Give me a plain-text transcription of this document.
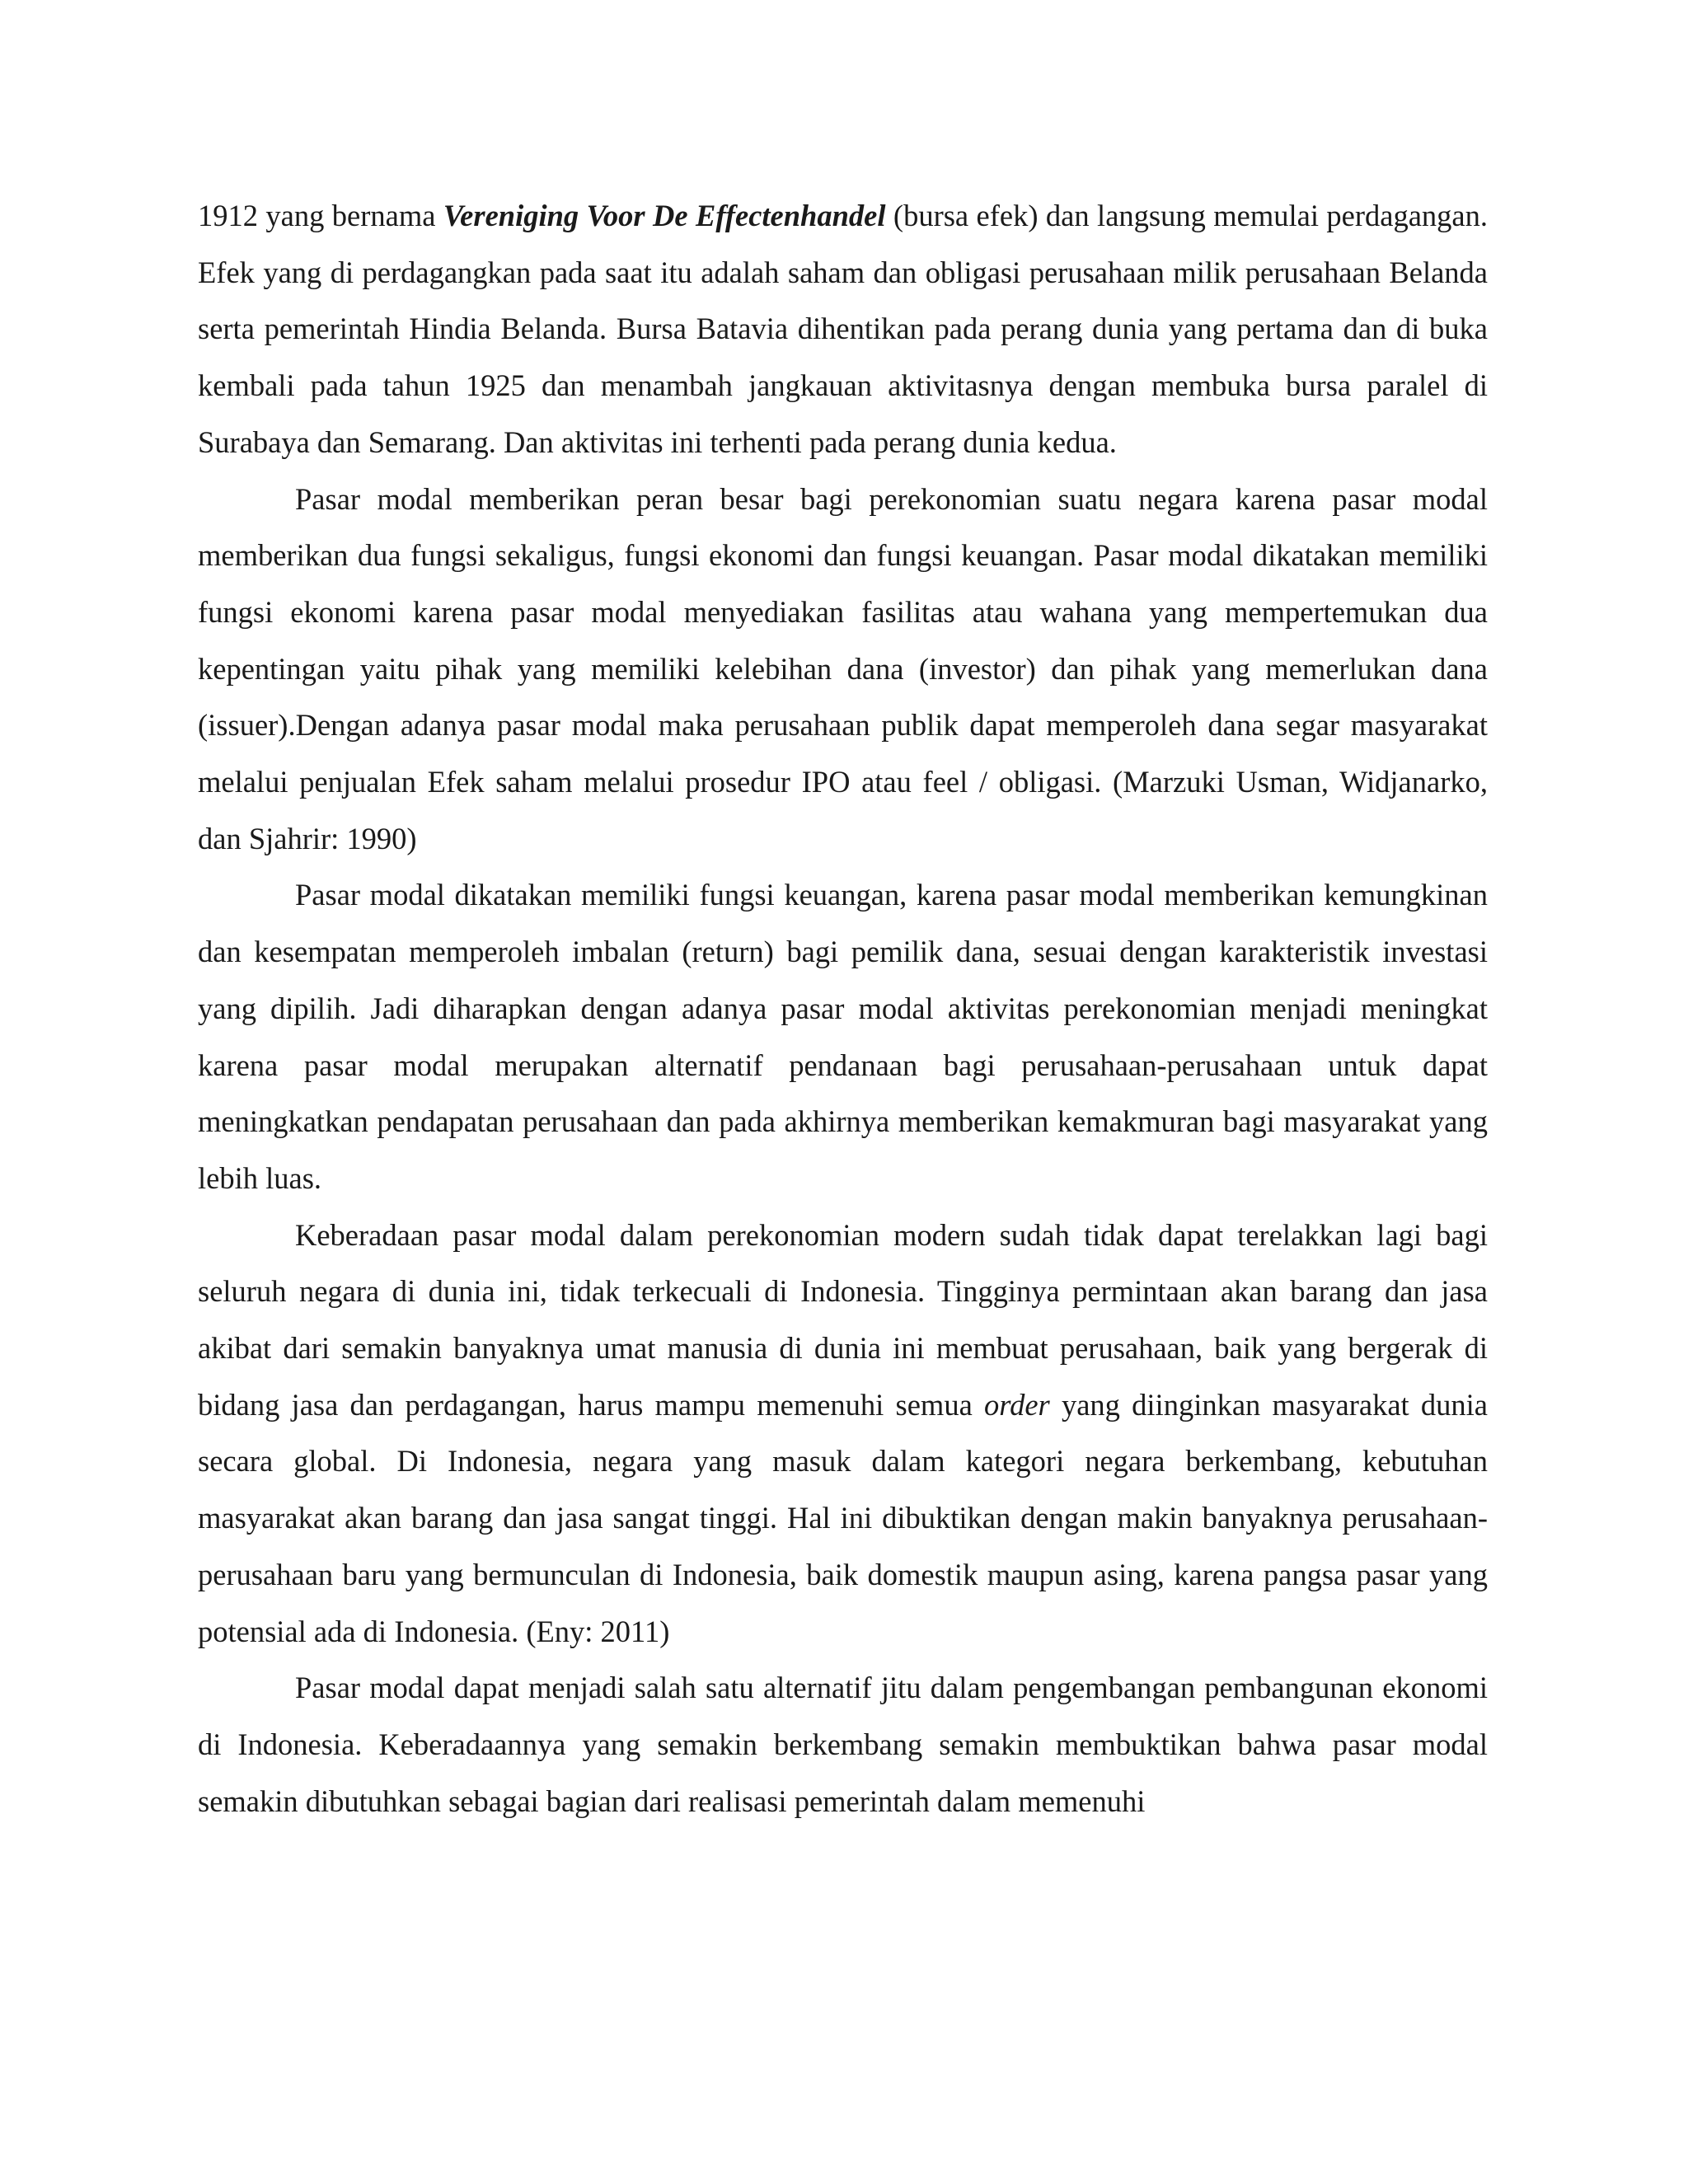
1912 yang bernama Vereniging Voor De Effectenhandel (bursa efek) dan langsung memulai perdagangan. Efek yang di perdagangkan pada saat itu adalah saham dan obligasi perusahaan milik perusahaan Belanda serta pemerintah Hindia Belanda. Bursa Batavia dihentikan pada perang dunia yang pertama dan di buka kembali pada tahun 1925 dan menambah jangkauan aktivitasnya dengan membuka bursa paralel di Surabaya dan Semarang. Dan aktivitas ini terhenti pada perang dunia kedua.

Pasar modal memberikan peran besar bagi perekonomian suatu negara karena pasar modal memberikan dua fungsi sekaligus, fungsi ekonomi dan fungsi keuangan. Pasar modal dikatakan memiliki fungsi ekonomi karena pasar modal menyediakan fasilitas atau wahana yang mempertemukan dua kepentingan yaitu pihak yang memiliki kelebihan dana (investor) dan pihak yang memerlukan dana (issuer).Dengan adanya pasar modal maka perusahaan publik dapat memperoleh dana segar masyarakat melalui penjualan Efek saham melalui prosedur IPO atau feel / obligasi. (Marzuki Usman, Widjanarko, dan Sjahrir: 1990)

Pasar modal dikatakan memiliki fungsi keuangan, karena pasar modal memberikan kemungkinan dan kesempatan memperoleh imbalan (return) bagi pemilik dana, sesuai dengan karakteristik investasi yang dipilih. Jadi diharapkan dengan adanya pasar modal aktivitas perekonomian menjadi meningkat karena pasar modal merupakan alternatif pendanaan bagi perusahaan-perusahaan untuk dapat meningkatkan pendapatan perusahaan dan pada akhirnya memberikan kemakmuran bagi masyarakat yang lebih luas.

Keberadaan pasar modal dalam perekonomian modern sudah tidak dapat terelakkan lagi bagi seluruh negara di dunia ini, tidak terkecuali di Indonesia. Tingginya permintaan akan barang dan jasa akibat dari semakin banyaknya umat manusia di dunia ini membuat perusahaan, baik yang bergerak di bidang jasa dan perdagangan, harus mampu memenuhi semua order yang diinginkan masyarakat dunia secara global. Di Indonesia, negara yang masuk dalam kategori negara berkembang, kebutuhan masyarakat akan barang dan jasa sangat tinggi. Hal ini dibuktikan dengan makin banyaknya perusahaan-perusahaan baru yang bermunculan di Indonesia, baik domestik maupun asing, karena pangsa pasar yang potensial ada di Indonesia. (Eny: 2011)

Pasar modal dapat menjadi salah satu alternatif jitu dalam pengembangan pembangunan ekonomi di Indonesia. Keberadaannya yang semakin berkembang semakin membuktikan bahwa pasar modal semakin dibutuhkan sebagai bagian dari realisasi pemerintah dalam memenuhi
